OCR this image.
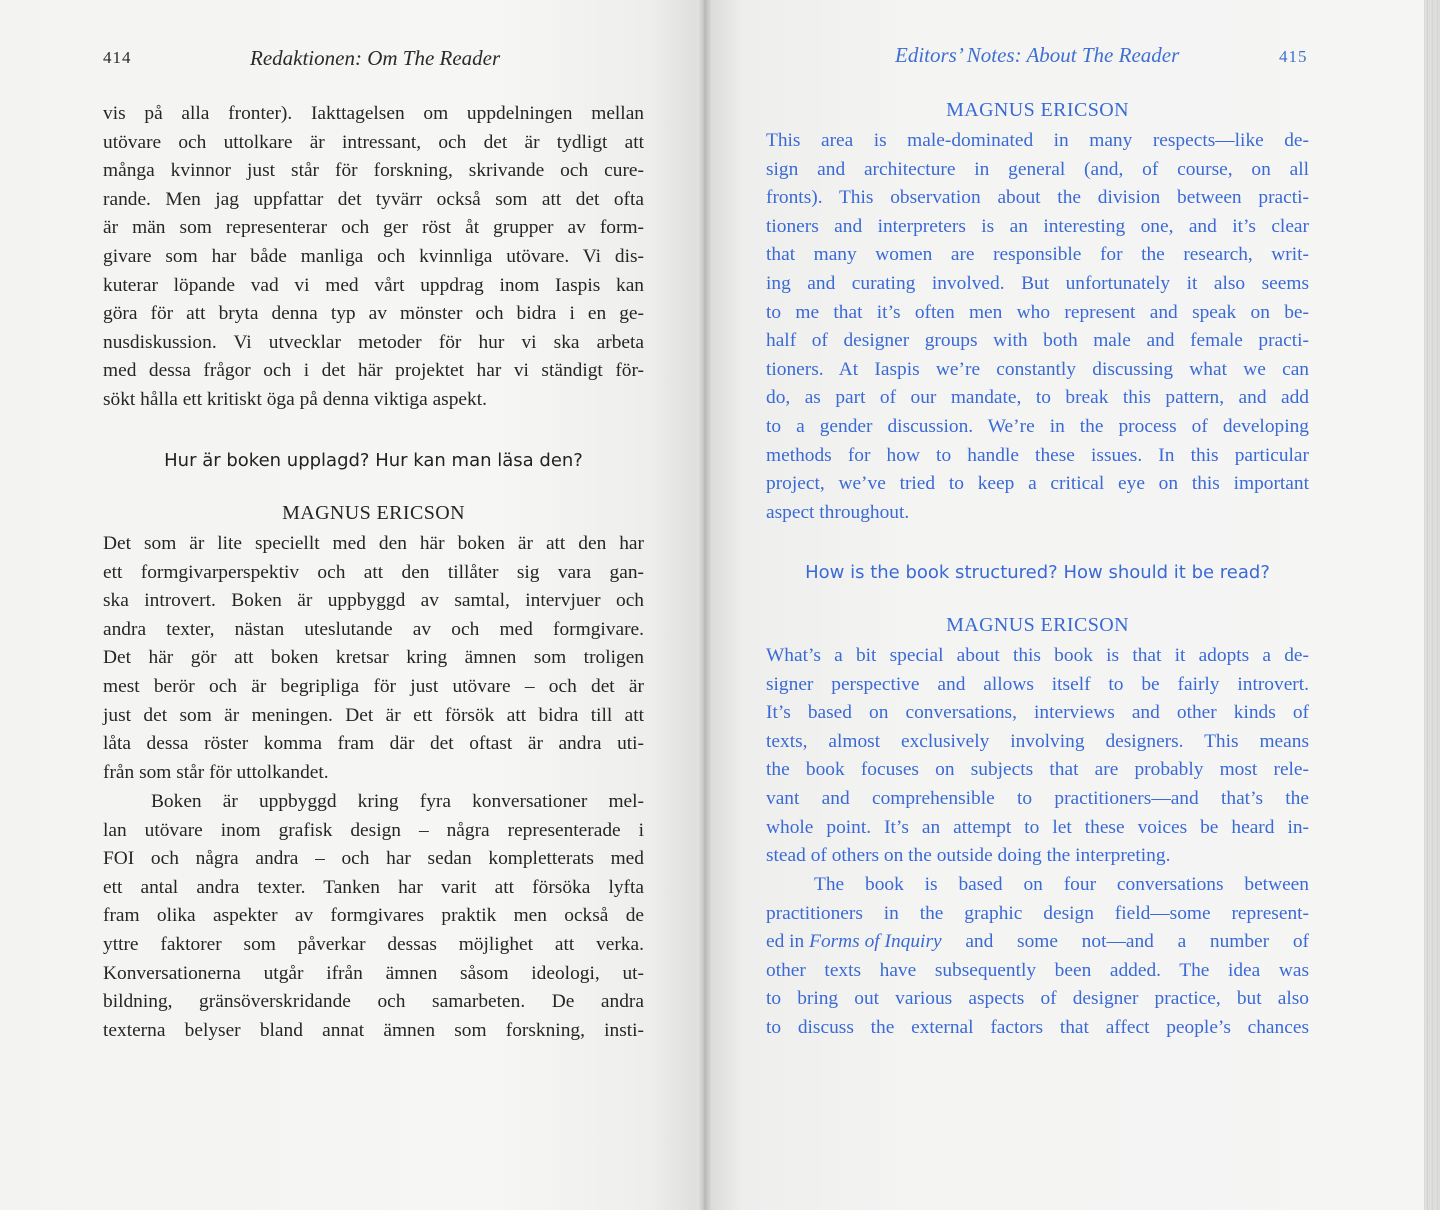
414	Redaktionen: Om The Reader
vis på alla fronter). Iakttagelsen om uppdelningen mellan
utövare och uttolkare är intressant, och det är tydligt att
många kvinnor just står för forskning, skrivande och cure-
rande. Men jag uppfattar det tyvärr också som att det ofta
är män som representerar och ger röst åt grupper av form-
givare som har både manliga och kvinnliga utövare. Vi dis-
kuterar löpande vad vi med vårt uppdrag inom Iaspis kan
göra för att bryta denna typ av mönster och bidra i en ge-
nusdiskussion. Vi utvecklar metoder för hur vi ska arbeta
med dessa frågor och i det här projektet har vi ständigt för-
sökt hålla ett kritiskt öga på denna viktiga aspekt.
Hur är boken upplagd? Hur kan man läsa den?
MAGNUS ERICSON
Det som är lite speciellt med den här boken är att den har
ett formgivarperspektiv och att den tillåter sig vara gan-
ska introvert. Boken är uppbyggd av samtal, intervjuer och
andra texter, nästan uteslutande av och med formgivare.
Det här gör att boken kretsar kring ämnen som troligen
mest berör och är begripliga för just utövare – och det är
just det som är meningen. Det är ett försök att bidra till att
låta dessa röster komma fram där det oftast är andra uti-
från som står för uttolkandet.
Boken är uppbyggd kring fyra konversationer mel-
lan utövare inom grafisk design – några representerade i
FOI och några andra – och har sedan kompletterats med
ett antal andra texter. Tanken har varit att försöka lyfta
fram olika aspekter av formgivares praktik men också de
yttre faktorer som påverkar dessas möjlighet att verka.
Konversationerna utgår ifrån ämnen såsom ideologi, ut-
bildning, gränsöverskridande och samarbeten. De andra
texterna belyser bland annat ämnen som forskning, insti-
Editors’ Notes: About The Reader	415
MAGNUS ERICSON
This area is male-dominated in many respects—like de-
sign and architecture in general (and, of course, on all
fronts). This observation about the division between practi-
tioners and interpreters is an interesting one, and it’s clear
that many women are responsible for the research, writ-
ing and curating involved. But unfortunately it also seems
to me that it’s often men who represent and speak on be-
half of designer groups with both male and female practi-
tioners. At Iaspis we’re constantly discussing what we can
do, as part of our mandate, to break this pattern, and add
to a gender discussion. We’re in the process of developing
methods for how to handle these issues. In this particular
project, we’ve tried to keep a critical eye on this important
aspect throughout.
How is the book structured? How should it be read?
MAGNUS ERICSON
What’s a bit special about this book is that it adopts a de-
signer perspective and allows itself to be fairly introvert.
It’s based on conversations, interviews and other kinds of
texts, almost exclusively involving designers. This means
the book focuses on subjects that are probably most rele-
vant and comprehensible to practitioners—and that’s the
whole point. It’s an attempt to let these voices be heard in-
stead of others on the outside doing the interpreting.
The book is based on four conversations between
practitioners in the graphic design field—some represent-
ed in Forms of Inquiry and some not—and a number of
other texts have subsequently been added. The idea was
to bring out various aspects of designer practice, but also
to discuss the external factors that affect people’s chances
